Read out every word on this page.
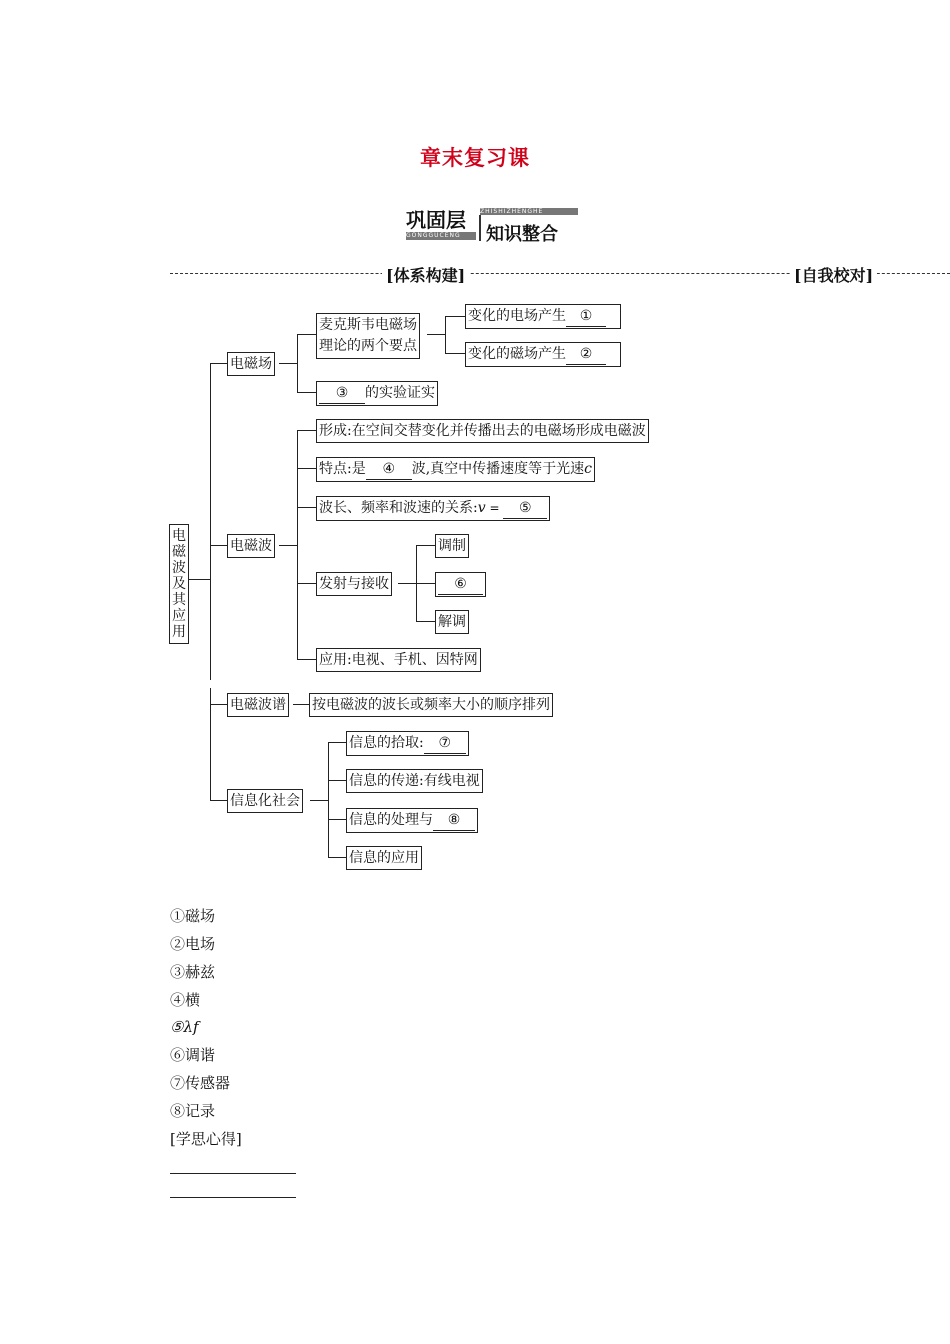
章末复习课
巩固层
GONGGUCENG
ZHISHIZHENGHE
知识整合
[体系构建]	[自我校对]
电磁波及其应用
电磁场
麦克斯韦电磁场
理论的两个要点
变化的电场产生 ①
变化的磁场产生 ②
③ 的实验证实
电磁波
形成:在空间交替变化并传播出去的电磁场形成电磁波
特点:是 ④ 波,真空中传播速度等于光速c
波长、频率和波速的关系:v = ⑤
发射与接收
调制
⑥
解调
应用:电视、手机、因特网
电磁波谱 按电磁波的波长或频率大小的顺序排列
信息化社会
信息的拾取: ⑦
信息的传递:有线电视
信息的处理与 ⑧
信息的应用
①磁场
②电场
③赫兹
④横
⑤λf
⑥调谐
⑦传感器
⑧记录
[学思心得]
